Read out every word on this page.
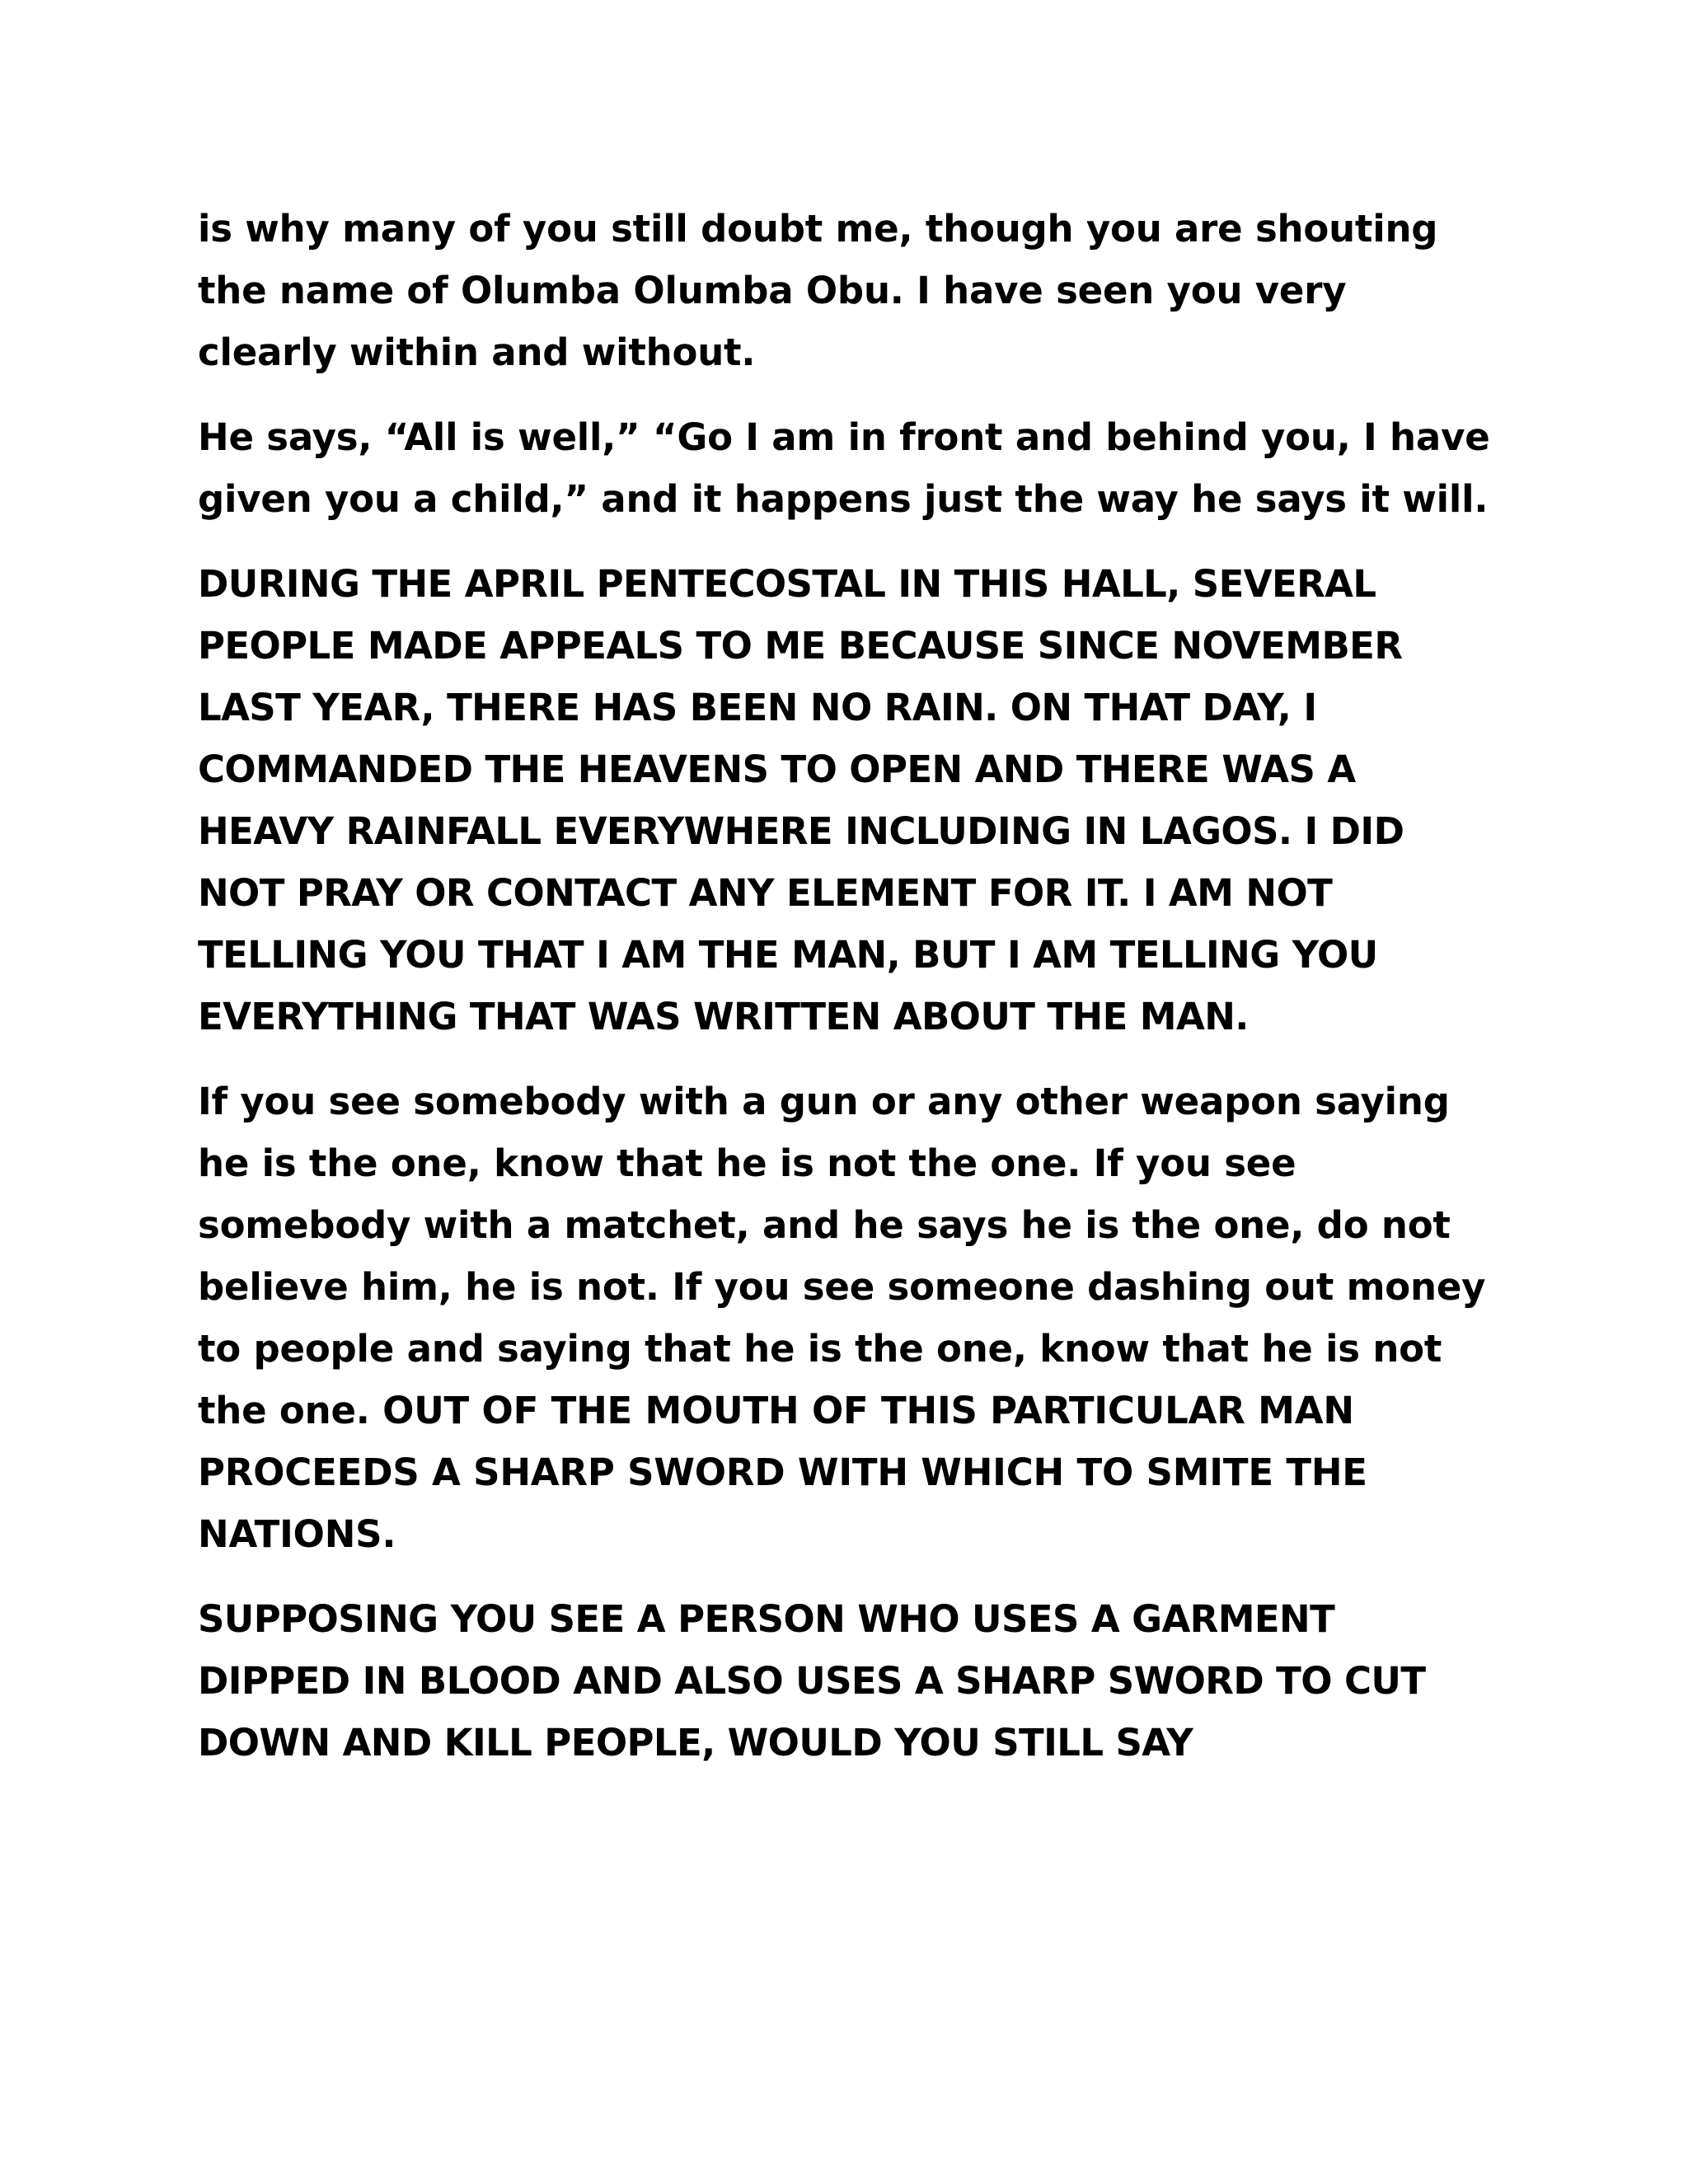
is why many of you still doubt me, though you are shouting the name of Olumba Olumba Obu. I have seen you very clearly within and without.

He says, “All is well,” “Go I am in front and behind you, I have given you a child,” and it happens just the way he says it will.

DURING THE APRIL PENTECOSTAL IN THIS HALL, SEVERAL PEOPLE MADE APPEALS TO ME BECAUSE SINCE NOVEMBER LAST YEAR, THERE HAS BEEN NO RAIN. ON THAT DAY, I COMMANDED THE HEAVENS TO OPEN AND THERE WAS A HEAVY RAINFALL EVERYWHERE INCLUDING IN LAGOS. I DID NOT PRAY OR CONTACT ANY ELEMENT FOR IT. I AM NOT TELLING YOU THAT I AM THE MAN, BUT I AM TELLING YOU EVERYTHING THAT WAS WRITTEN ABOUT THE MAN.

If you see somebody with a gun or any other weapon saying he is the one, know that he is not the one. If you see somebody with a matchet, and he says he is the one, do not believe him, he is not. If you see someone dashing out money to people and saying that he is the one, know that he is not the one. OUT OF THE MOUTH OF THIS PARTICULAR MAN PROCEEDS A SHARP SWORD WITH WHICH TO SMITE THE NATIONS.

SUPPOSING YOU SEE A PERSON WHO USES A GARMENT DIPPED IN BLOOD AND ALSO USES A SHARP SWORD TO CUT DOWN AND KILL PEOPLE, WOULD YOU STILL SAY
